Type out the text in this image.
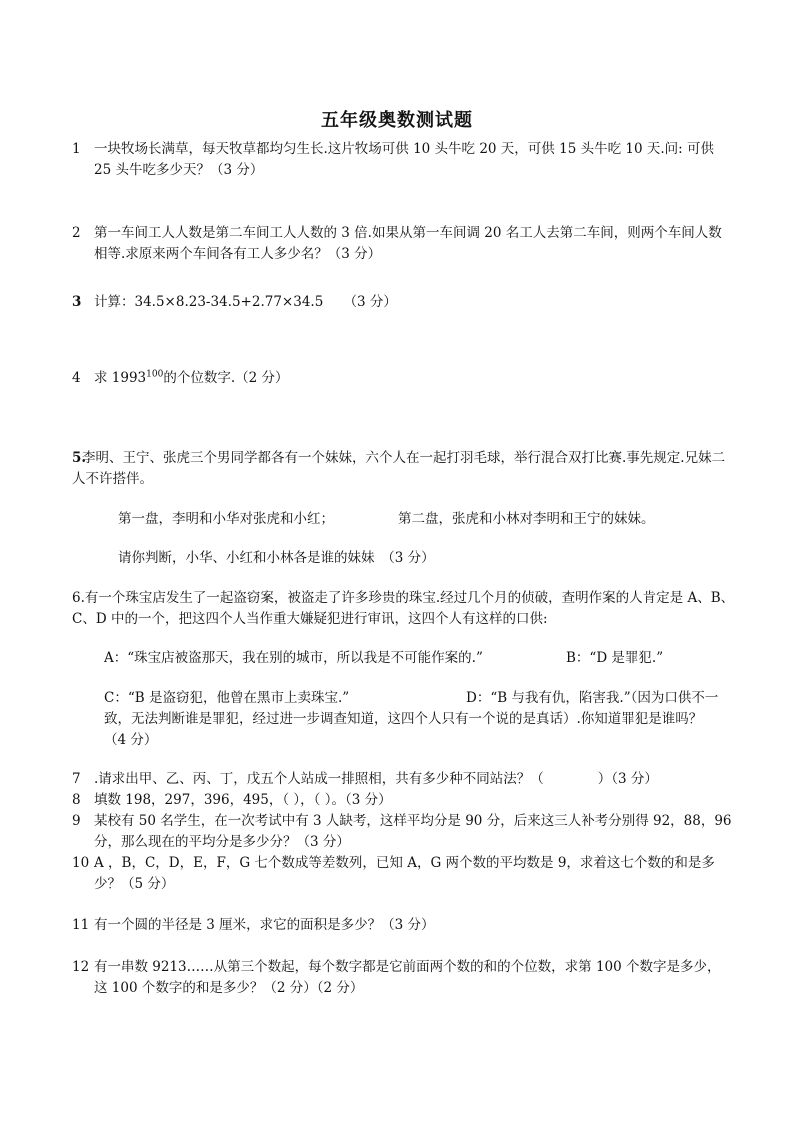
五年级奥数测试题
1 一块牧场长满草，每天牧草都均匀生长.这片牧场可供 10 头牛吃 20 天，可供 15 头牛吃 10 天.问: 可供 25 头牛吃多少天？（3 分）
2 第一车间工人人数是第二车间工人人数的 3 倍.如果从第一车间调 20 名工人去第二车间，则两个车间人数相等.求原来两个车间各有工人多少名？（3 分）
3 计算：34.5×8.23-34.5+2.77×34.5　　（3 分）
4 求 1993$^{100}$的个位数字.（2 分）
5.
李明、王宁、张虎三个男同学都各有一个妹妹，六个人在一起打羽毛球，举行混合双打比赛.事先规定.兄妹二人不许搭伴。
第一盘，李明和小华对张虎和小红；	第二盘，张虎和小林对李明和王宁的妹妹。
请你判断，小华、小红和小林各是谁的妹妹　（3 分）
6.有一个珠宝店发生了一起盗窃案，被盗走了许多珍贵的珠宝.经过几个月的侦破，查明作案的人肯定是 A、B、C、D 中的一个，把这四个人当作重大嫌疑犯进行审讯，这四个人有这样的口供:
A：“珠宝店被盗那天，我在别的城市，所以我是不可能作案的.”	B：“D 是罪犯.”
C：“B 是盗窃犯，他曾在黑市上卖珠宝.”	D：“B 与我有仇，陷害我.”（因为口供不一致，无法判断谁是罪犯，经过进一步调查知道，这四个人只有一个说的是真话）.你知道罪犯是谁吗？（4 分）
7 .请求出甲、乙、丙、丁，戊五个人站成一排照相，共有多少种不同站法？（　　　　）（3 分）
8 填数 198，297，396，495，（ ），（ ）。（3 分）
9 某校有 50 名学生，在一次考试中有 3 人缺考，这样平均分是 90 分，后来这三人补考分别得 92，88，96 分，那么现在的平均分是多少分？（3 分）
10 A ，B，C，D，E，F，G 七个数成等差数列，已知 A，G 两个数的平均数是 9，求着这七个数的和是多少？（5 分）
11 有一个圆的半径是 3 厘米，求它的面积是多少？（3 分）
12 有一串数 9213……从第三个数起，每个数字都是它前面两个数的和的个位数，求第 100 个数字是多少，这 100 个数字的和是多少？（2 分）（2 分）
